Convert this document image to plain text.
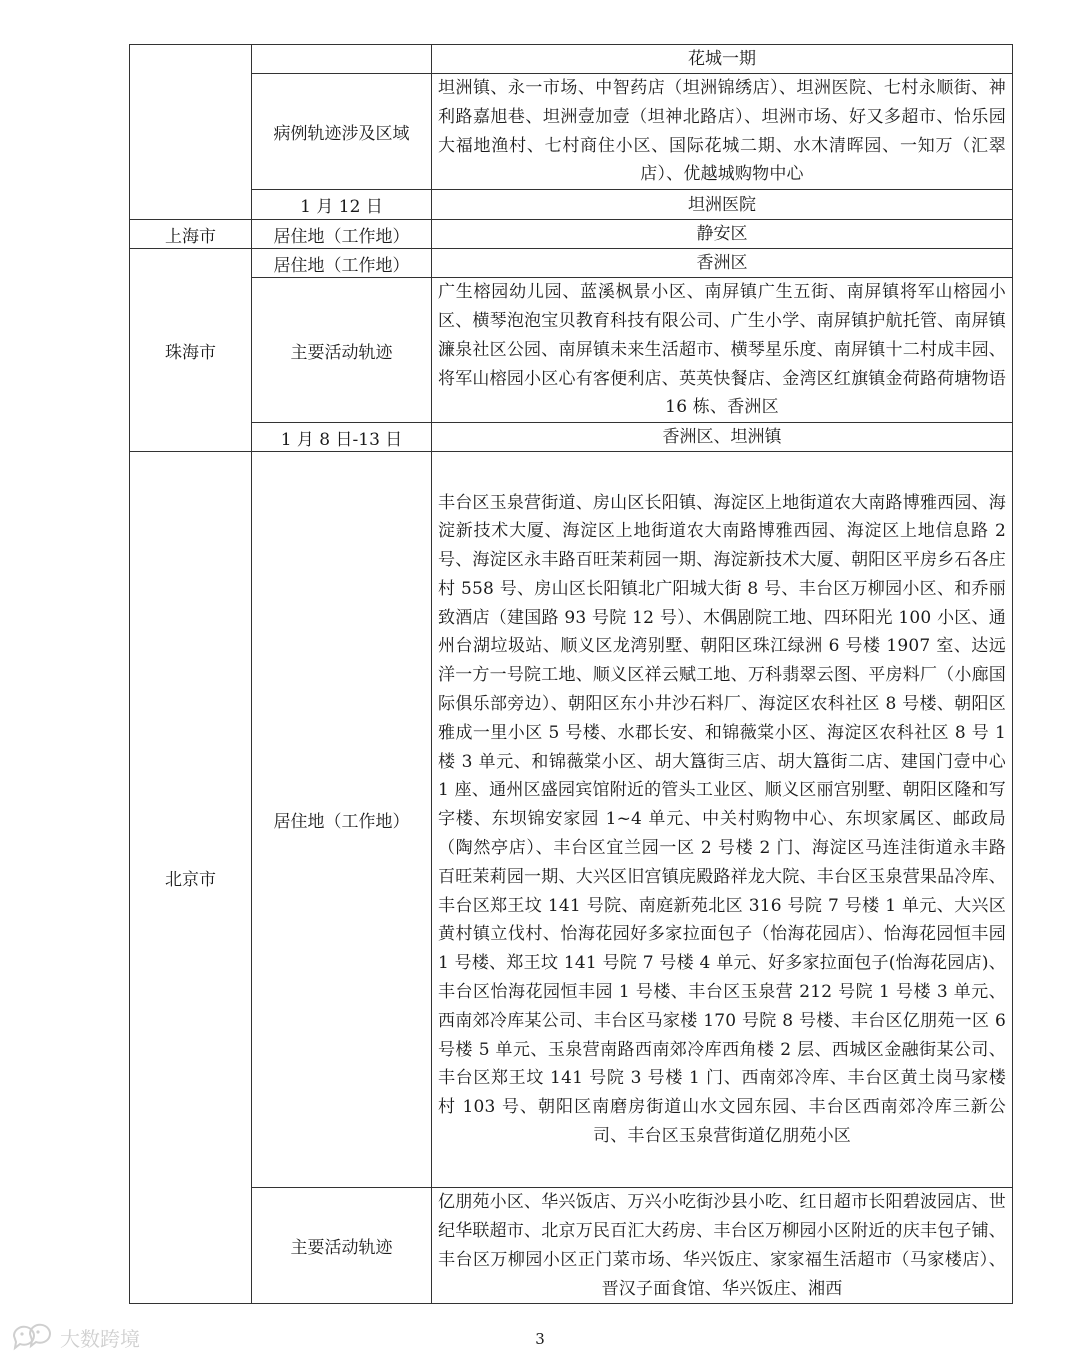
		花城一期
	病例轨迹涉及区域	坦洲镇、永一市场、中智药店（坦洲锦绣店）、坦洲医院、七村永顺街、神利路嘉旭巷、坦洲壹加壹（坦神北路店）、坦洲市场、好又多超市、怡乐园大福地渔村、七村商住小区、国际花城二期、水木清晖园、一知万（汇翠店）、优越城购物中心

	1 月 12 日	坦洲医院
上海市	居住地（工作地）	静安区
珠海市	居住地（工作地）	香洲区
	主要活动轨迹	广生榕园幼儿园、蓝溪枫景小区、南屏镇广生五街、南屏镇将军山榕园小区、横琴泡泡宝贝教育科技有限公司、广生小学、南屏镇护航托管、南屏镇濂泉社区公园、南屏镇未来生活超市、横琴星乐度、南屏镇十二村成丰园、将军山榕园小区心有客便利店、英英快餐店、金湾区红旗镇金荷路荷塘物语 16 栋、香洲区

	1 月 8 日-13 日	香洲区、坦洲镇
北京市	居住地（工作地）	丰台区玉泉营街道、房山区长阳镇、海淀区上地街道农大南路博雅西园、海淀新技术大厦、海淀区上地街道农大南路博雅西园、海淀区上地信息路 2 号、海淀区永丰路百旺茉莉园一期、海淀新技术大厦、朝阳区平房乡石各庄村 558 号、房山区长阳镇北广阳城大街 8 号、丰台区万柳园小区、和乔丽致酒店（建国路 93 号院 12 号）、木偶剧院工地、四环阳光 100 小区、通州台湖垃圾站、顺义区龙湾别墅、朝阳区珠江绿洲 6 号楼 1907 室、达远洋一方一号院工地、顺义区祥云赋工地、万科翡翠云图、平房料厂（小廊国际俱乐部旁边）、朝阳区东小井沙石料厂、海淀区农科社区 8 号楼、朝阳区雅成一里小区 5 号楼、水郡长安、和锦薇棠小区、海淀区农科社区 8 号 1 楼 3 单元、和锦薇棠小区、胡大簋街三店、胡大簋街二店、建国门壹中心 1 座、通州区盛园宾馆附近的管头工业区、顺义区丽宫别墅、朝阳区隆和写字楼、东坝锦安家园 1~4 单元、中关村购物中心、东坝家属区、邮政局（陶然亭店）、丰台区宜兰园一区 2 号楼 2 门、海淀区马连洼街道永丰路百旺茉莉园一期、大兴区旧宫镇庑殿路祥龙大院、丰台区玉泉营果品冷库、丰台区郑王坟 141 号院、南庭新苑北区 316 号院 7 号楼 1 单元、大兴区黄村镇立伐村、怡海花园好多家拉面包子（怡海花园店）、怡海花园恒丰园 1 号楼、郑王坟 141 号院 7 号楼 4 单元、好多家拉面包子(怡海花园店)、丰台区怡海花园恒丰园 1 号楼、丰台区玉泉营 212 号院 1 号楼 3 单元、西南郊冷库某公司、丰台区马家楼 170 号院 8 号楼、丰台区亿朋苑一区 6 号楼 5 单元、玉泉营南路西南郊冷库西角楼 2 层、西城区金融街某公司、丰台区郑王坟 141 号院 3 号楼 1 门、西南郊冷库、丰台区黄土岗马家楼村 103 号、朝阳区南磨房街道山水文园东园、丰台区西南郊冷库三新公司、丰台区玉泉营街道亿朋苑小区

	主要活动轨迹	亿朋苑小区、华兴饭店、万兴小吃街沙县小吃、红日超市长阳碧波园店、世纪华联超市、北京万民百汇大药房、丰台区万柳园小区附近的庆丰包子铺、丰台区万柳园小区正门菜市场、华兴饭庄、家家福生活超市（马家楼店）、晋汉子面食馆、华兴饭庄、湘西
大数跨境	3
